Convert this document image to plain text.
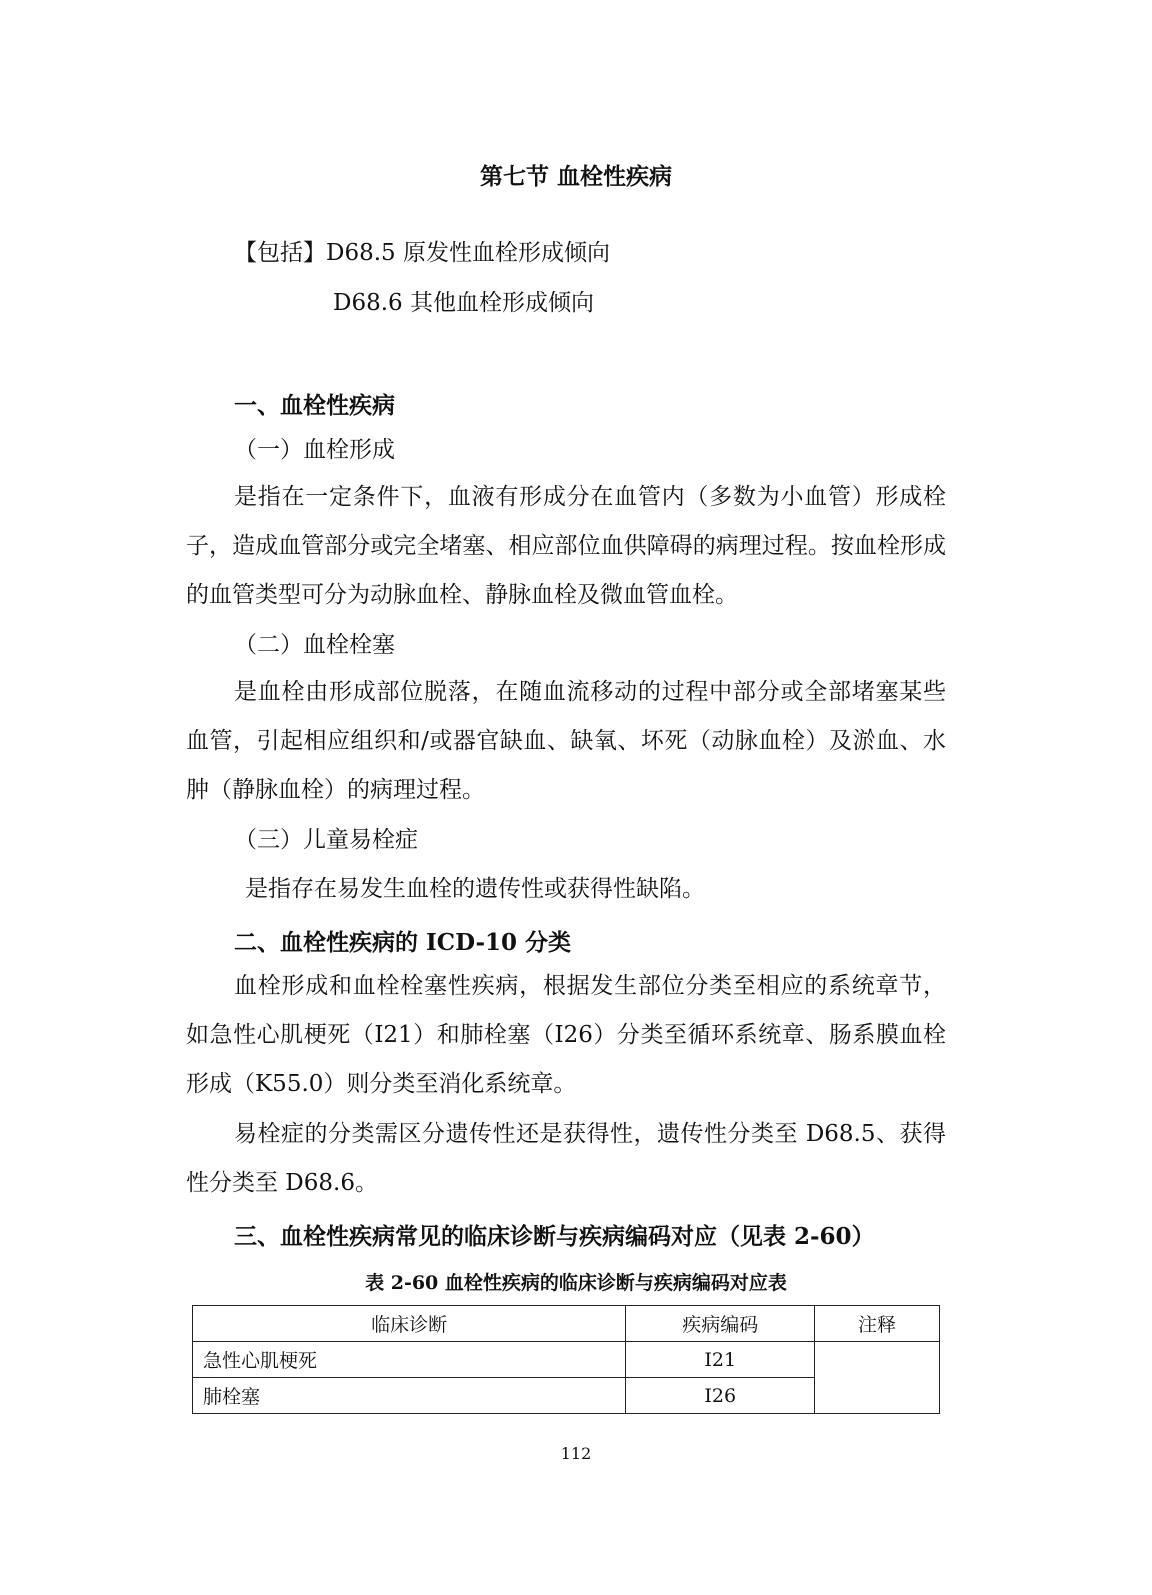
第七节 血栓性疾病
【包括】D68.5 原发性血栓形成倾向
D68.6 其他血栓形成倾向
一、血栓性疾病
（一）血栓形成
是指在一定条件下，血液有形成分在血管内（多数为小血管）形成栓子，造成血管部分或完全堵塞、相应部位血供障碍的病理过程。按血栓形成的血管类型可分为动脉血栓、静脉血栓及微血管血栓。
（二）血栓栓塞
是血栓由形成部位脱落，在随血流移动的过程中部分或全部堵塞某些血管，引起相应组织和/或器官缺血、缺氧、坏死（动脉血栓）及淤血、水肿（静脉血栓）的病理过程。
（三）儿童易栓症
是指存在易发生血栓的遗传性或获得性缺陷。
二、血栓性疾病的 ICD-10 分类
血栓形成和血栓栓塞性疾病，根据发生部位分类至相应的系统章节，如急性心肌梗死（I21）和肺栓塞（I26）分类至循环系统章、肠系膜血栓形成（K55.0）则分类至消化系统章。
易栓症的分类需区分遗传性还是获得性，遗传性分类至 D68.5、获得性分类至 D68.6。
三、血栓性疾病常见的临床诊断与疾病编码对应（见表 2-60）
表 2-60 血栓性疾病的临床诊断与疾病编码对应表
临床诊断	疾病编码	注释
急性心肌梗死	I21	
肺栓塞	I26	
112
